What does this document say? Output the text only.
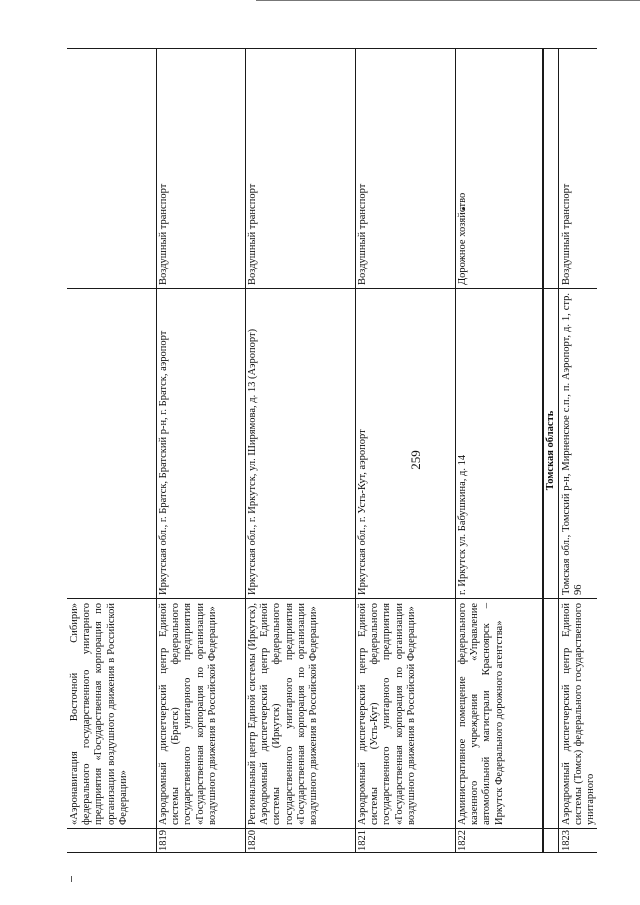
259
«Аэронавигация Восточной Сибири» федерального государственного унитарного предприятия «Государственная корпорация по организации воздушного движения в Российской Федерации»
1819
Аэродромный диспетчерский центр Единой системы (Братск) федерального государственного унитарного предприятия «Государственная корпорация по организации воздушного движения в Российской Федерации»
Иркутская обл., г. Братск, Братский р-н, г. Братск, аэропорт
Воздушный транспорт
1820
Региональный центр Единой системы (Иркутск), Аэродромный диспетчерский центр Единой системы (Иркутск) федерального государственного унитарного предприятия «Государственная корпорация по организации воздушного движения в Российской Федерации»
Иркутская обл., г. Иркутск, ул. Ширямова, д. 13 (Аэропорт)
Воздушный транспорт
1821
Аэродромный диспетчерский центр Единой системы (Усть-Кут) федерального государственного унитарного предприятия «Государственная корпорация по организации воздушного движения в Российской Федерации»
Иркутская обл., г. Усть-Кут, аэропорт
Воздушный транспорт
1822
Административное помещение федерального казенного учреждения «Управление автомобильной магистрали Красноярск – Иркутск Федерального дорожного агентства»
г. Иркутск ул. Бабушкина, д. 14
Дорожное хозяйство
Томская область
1823
Аэродромный диспетчерский центр Единой системы (Томск) федерального государственного унитарного
Томская обл., Томский р-н, Мирненское с.п., п. Аэропорт, д. 1, стр. 96
Воздушный транспорт
